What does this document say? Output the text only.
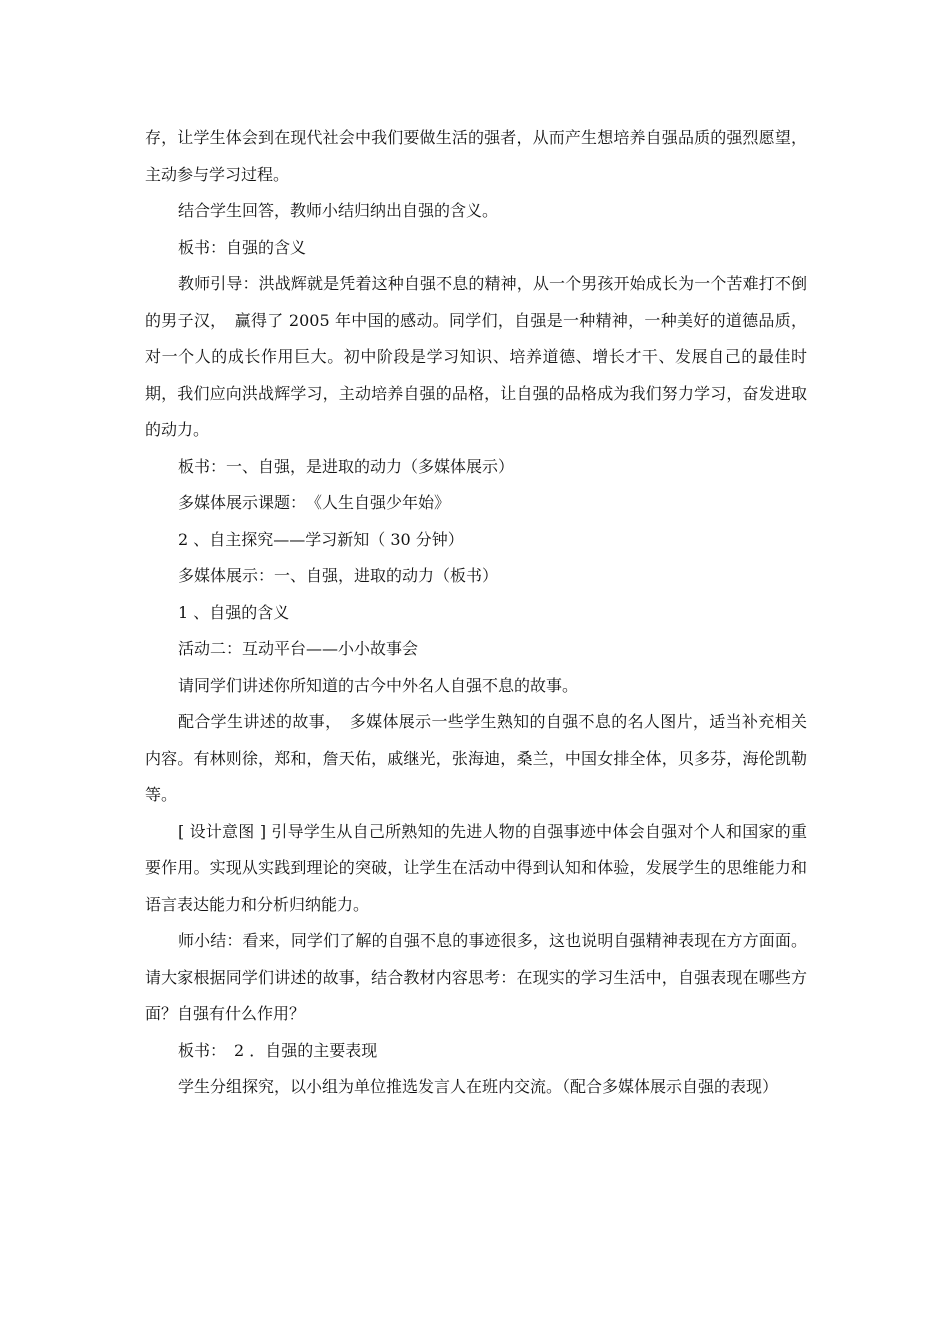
存，让学生体会到在现代社会中我们要做生活的强者，从而产生想培养自强品质的强烈愿望，主动参与学习过程。

结合学生回答，教师小结归纳出自强的含义。

板书：自强的含义

教师引导：洪战辉就是凭着这种自强不息的精神，从一个男孩开始成长为一个苦难打不倒的男子汉，　赢得了 2005 年中国的感动。同学们，自强是一种精神，一种美好的道德品质，对一个人的成长作用巨大。初中阶段是学习知识、培养道德、增长才干、发展自己的最佳时期，我们应向洪战辉学习，主动培养自强的品格，让自强的品格成为我们努力学习，奋发进取的动力。

板书：一、自强，是进取的动力（多媒体展示）

多媒体展示课题：　《人生自强少年始》

2 、自主探究——学习新知（ 30 分钟）

多媒体展示：一、自强，进取的动力（板书）

1 、自强的含义

活动二：互动平台——小小故事会

请同学们讲述你所知道的古今中外名人自强不息的故事。

配合学生讲述的故事，　多媒体展示一些学生熟知的自强不息的名人图片，适当补充相关内容。有林则徐，郑和，詹天佑，戚继光，张海迪，桑兰，中国女排全体，贝多芬，海伦凯勒等。

[ 设计意图 ] 引导学生从自己所熟知的先进人物的自强事迹中体会自强对个人和国家的重要作用。实现从实践到理论的突破，让学生在活动中得到认知和体验，发展学生的思维能力和语言表达能力和分析归纳能力。

师小结：看来，同学们了解的自强不息的事迹很多，这也说明自强精神表现在方方面面。请大家根据同学们讲述的故事，结合教材内容思考：在现实的学习生活中，自强表现在哪些方面？自强有什么作用？

板书：　2 ．自强的主要表现

学生分组探究，以小组为单位推选发言人在班内交流。（配合多媒体展示自强的表现）
